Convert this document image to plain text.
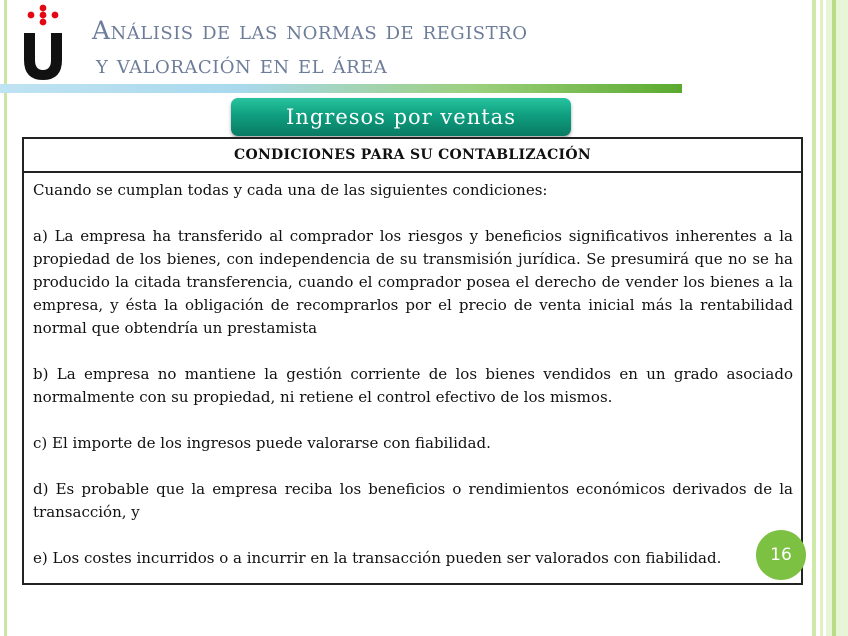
Análisis de las normas de registro
y valoración en el área
Ingresos por ventas
CONDICIONES PARA SU CONTABLIZACIÓN

Cuando se cumplan todas y cada una de las siguientes condiciones:

a) La empresa ha transferido al comprador los riesgos y beneficios significativos inherentes a la propiedad de los bienes, con independencia de su transmisión jurídica. Se presumirá que no se ha producido la citada transferencia, cuando el comprador posea el derecho de vender los bienes a la empresa, y ésta la obligación de recomprarlos por el precio de venta inicial más la rentabilidad normal que obtendría un prestamista

b) La empresa no mantiene la gestión corriente de los bienes vendidos en un grado asociado normalmente con su propiedad, ni retiene el control efectivo de los mismos.

c) El importe de los ingresos puede valorarse con fiabilidad.

d) Es probable que la empresa reciba los beneficios o rendimientos económicos derivados de la transacción, y

e) Los costes incurridos o a incurrir en la transacción pueden ser valorados con fiabilidad.	16
